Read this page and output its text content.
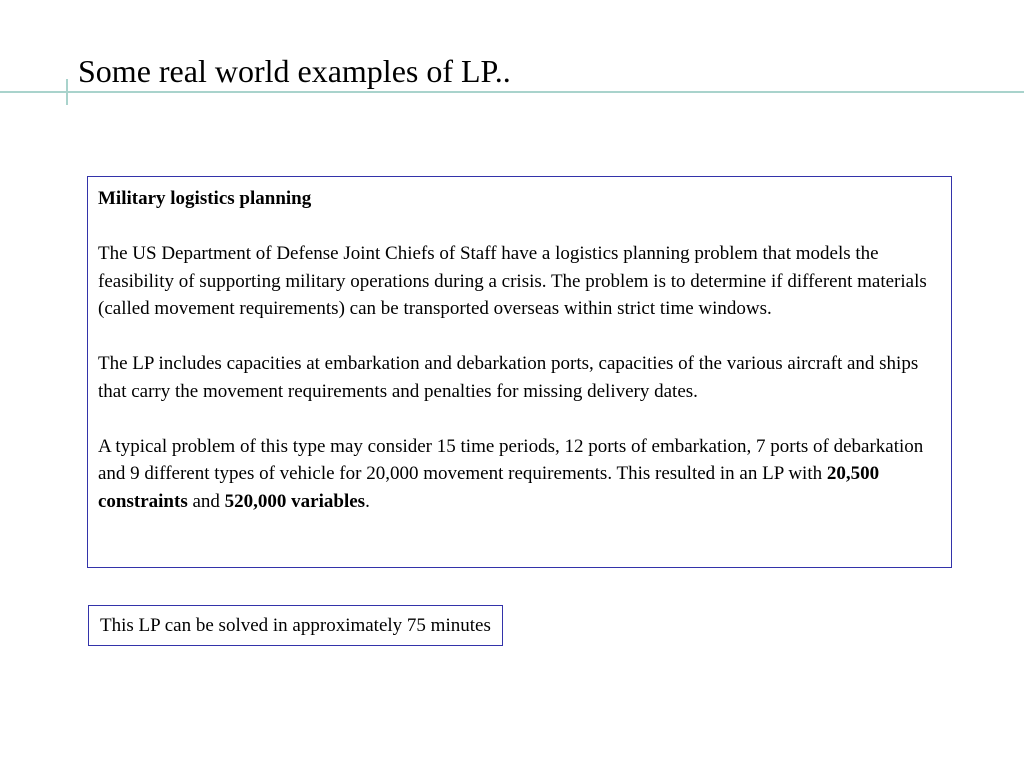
Some real world examples of LP..

Military logistics planning

The US Department of Defense Joint Chiefs of Staff have a logistics planning problem that models the feasibility of supporting military operations during a crisis. The problem is to determine if different materials (called movement requirements) can be transported overseas within strict time windows.

The LP includes capacities at embarkation and debarkation ports, capacities of the various aircraft and ships that carry the movement requirements and penalties for missing delivery dates.

A typical problem of this type may consider 15 time periods, 12 ports of embarkation, 7 ports of debarkation and 9 different types of vehicle for 20,000 movement requirements. This resulted in an LP with 20,500 constraints and 520,000 variables.

This LP can be solved in approximately 75 minutes
